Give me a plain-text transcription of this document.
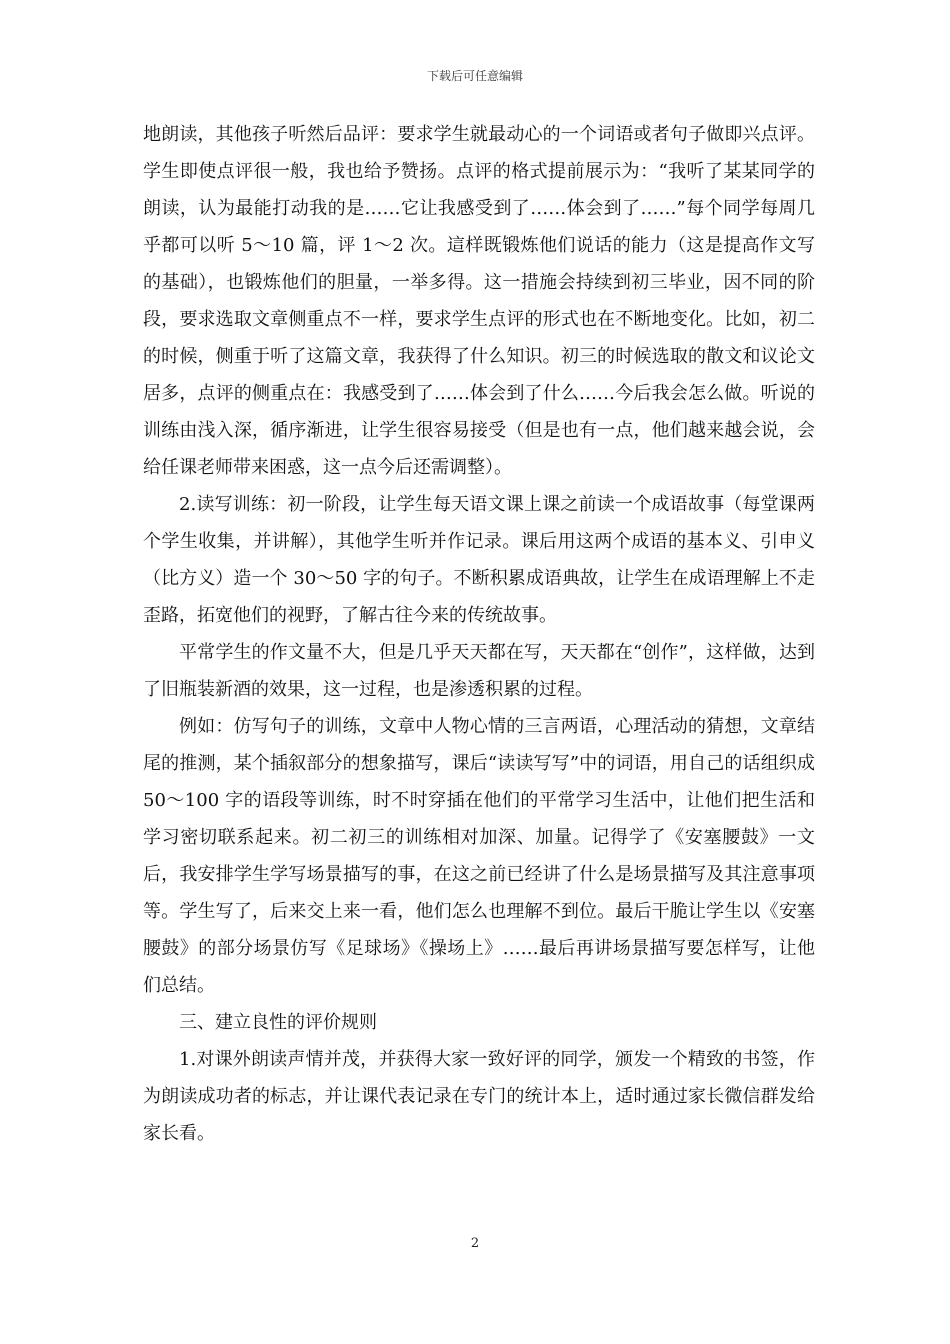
下载后可任意编辑

地朗读，其他孩子听然后品评：要求学生就最动心的一个词语或者句子做即兴点评。学生即使点评很一般，我也给予赞扬。点评的格式提前展示为：“我听了某某同学的朗读，认为最能打动我的是……它让我感受到了……体会到了……”每个同学每周几乎都可以听 5～10 篇，评 1～2 次。這样既锻炼他们说话的能力（这是提高作文写的基础），也锻炼他们的胆量，一举多得。这一措施会持续到初三毕业，因不同的阶段，要求选取文章侧重点不一样，要求学生点评的形式也在不断地变化。比如，初二的时候，侧重于听了这篇文章，我获得了什么知识。初三的时候选取的散文和议论文居多，点评的侧重点在：我感受到了……体会到了什么……今后我会怎么做。听说的训练由浅入深，循序渐进，让学生很容易接受（但是也有一点，他们越来越会说，会给任课老师带来困惑，这一点今后还需调整）。

2.读写训练：初一阶段，让学生每天语文课上课之前读一个成语故事（每堂课两个学生收集，并讲解），其他学生听并作记录。课后用这两个成语的基本义、引申义（比方义）造一个 30～50 字的句子。不断积累成语典故，让学生在成语理解上不走歪路，拓宽他们的视野，了解古往今来的传统故事。

平常学生的作文量不大，但是几乎天天都在写，天天都在“创作”，这样做，达到了旧瓶装新酒的效果，这一过程，也是渗透积累的过程。

例如：仿写句子的训练，文章中人物心情的三言两语，心理活动的猜想，文章结尾的推测，某个插叙部分的想象描写，课后“读读写写”中的词语，用自己的话组织成 50～100 字的语段等训练，时不时穿插在他们的平常学习生活中，让他们把生活和学习密切联系起来。初二初三的训练相对加深、加量。记得学了《安塞腰鼓》一文后，我安排学生学写场景描写的事，在这之前已经讲了什么是场景描写及其注意事项等。学生写了，后来交上来一看，他们怎么也理解不到位。最后干脆让学生以《安塞腰鼓》的部分场景仿写《足球场》《操场上》……最后再讲场景描写要怎样写，让他们总结。

三、建立良性的评价规则

1.对课外朗读声情并茂，并获得大家一致好评的同学，颁发一个精致的书签，作为朗读成功者的标志，并让课代表记录在专门的统计本上，适时通过家长微信群发给家长看。

2
